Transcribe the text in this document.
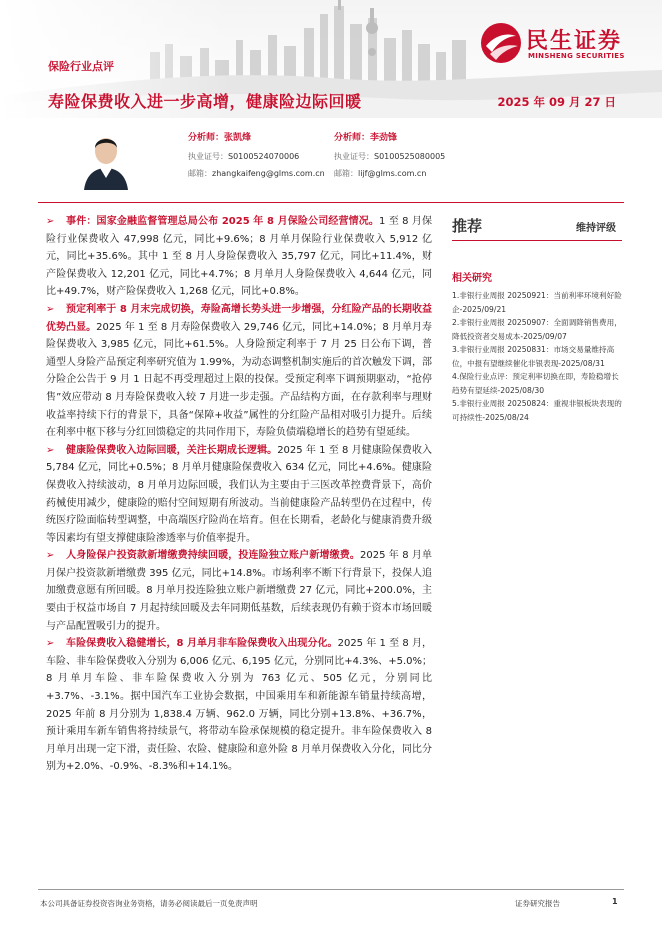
民生证券
MINSHENG SECURITIES
保险行业点评
寿险保费收入进一步高增，健康险边际回暖	2025 年 09 月 27 日
分析师：张凯烽
执业证号：S0100524070006
邮箱：zhangkaifeng@glms.com.cn
分析师：李劲锋
执业证号：S0100525080005
邮箱：lijf@glms.com.cn
➢ 事件：国家金融监督管理总局公布 2025 年 8 月保险公司经营情况。1 至 8 月保险行业保费收入 47,998 亿元，同比+9.6%；8 月单月保险行业保费收入 5,912 亿元，同比+35.6%。其中 1 至 8 月人身险保费收入 35,797 亿元，同比+11.4%，财产险保费收入 12,201 亿元，同比+4.7%；8 月单月人身险保费收入 4,644 亿元，同比+49.7%，财产险保费收入 1,268 亿元，同比+0.8%。
➢ 预定利率于 8 月末完成切换，寿险高增长势头进一步增强，分红险产品的长期收益优势凸显。2025 年 1 至 8 月寿险保费收入 29,746 亿元，同比+14.0%；8 月单月寿险保费收入 3,985 亿元，同比+61.5%。人身险预定利率于 7 月 25 日公布下调，普通型人身险产品预定利率研究值为 1.99%，为动态调整机制实施后的首次触发下调，部分险企公告于 9 月 1 日起不再受理超过上限的投保。受预定利率下调预期驱动，“抢停售”效应带动 8 月寿险保费收入较 7 月进一步走强。产品结构方面，在存款利率与理财收益率持续下行的背景下，具备“保障+收益”属性的分红险产品相对吸引力提升。后续在利率中枢下移与分红回馈稳定的共同作用下，寿险负债端稳增长的趋势有望延续。
➢ 健康险保费收入边际回暖，关注长期成长逻辑。2025 年 1 至 8 月健康险保费收入 5,784 亿元，同比+0.5%；8 月单月健康险保费收入 634 亿元，同比+4.6%。健康险保费收入持续波动，8 月单月边际回暖，我们认为主要由于三医改革控费背景下，高价药械使用减少，健康险的赔付空间短期有所波动。当前健康险产品转型仍在过程中，传统医疗险面临转型调整，中高端医疗险尚在培育。但在长期看，老龄化与健康消费升级等因素均有望支撑健康险渗透率与价值率提升。
➢ 人身险保户投资款新增缴费持续回暖，投连险独立账户新增缴费。2025 年 8 月单月保户投资款新增缴费 395 亿元，同比+14.8%。市场利率不断下行背景下，投保人追加缴费意愿有所回暖。8 月单月投连险独立账户新增缴费 27 亿元，同比+200.0%，主要由于权益市场自 7 月起持续回暖及去年同期低基数，后续表现仍有赖于资本市场回暖与产品配置吸引力的提升。
➢ 车险保费收入稳健增长，8 月单月非车险保费收入出现分化。2025 年 1 至 8 月，车险、非车险保费收入分别为 6,006 亿元、6,195 亿元，分别同比+4.3%、+5.0%；8 月单月车险、非车险保费收入分别为 763 亿元、505 亿元，分别同比+3.7%、-3.1%。据中国汽车工业协会数据，中国乘用车和新能源车销量持续高增，2025 年前 8 月分别为 1,838.4 万辆、962.0 万辆，同比分别+13.8%、+36.7%，预计乘用车新车销售将持续景气，将带动车险承保规模的稳定提升。非车险保费收入 8 月单月出现一定下滑，责任险、农险、健康险和意外险 8 月单月保费收入分化，同比分别为+2.0%、-0.9%、-8.3%和+14.1%。
推荐	维持评级
相关研究
1.非银行业周报 20250921：当前利率环境利好险企-2025/09/21
2.非银行业周报 20250907：全面调降销售费用，降低投资者交易成本-2025/09/07
3.非银行业周报 20250831：市场交易量维持高位，中报有望继续催化非银表现-2025/08/31
4.保险行业点评：预定利率切换在即，寿险稳增长趋势有望延续-2025/08/30
5.非银行业周报 20250824：重视非银板块表现的可持续性-2025/08/24
本公司具备证券投资咨询业务资格，请务必阅读最后一页免责声明	证券研究报告	1
